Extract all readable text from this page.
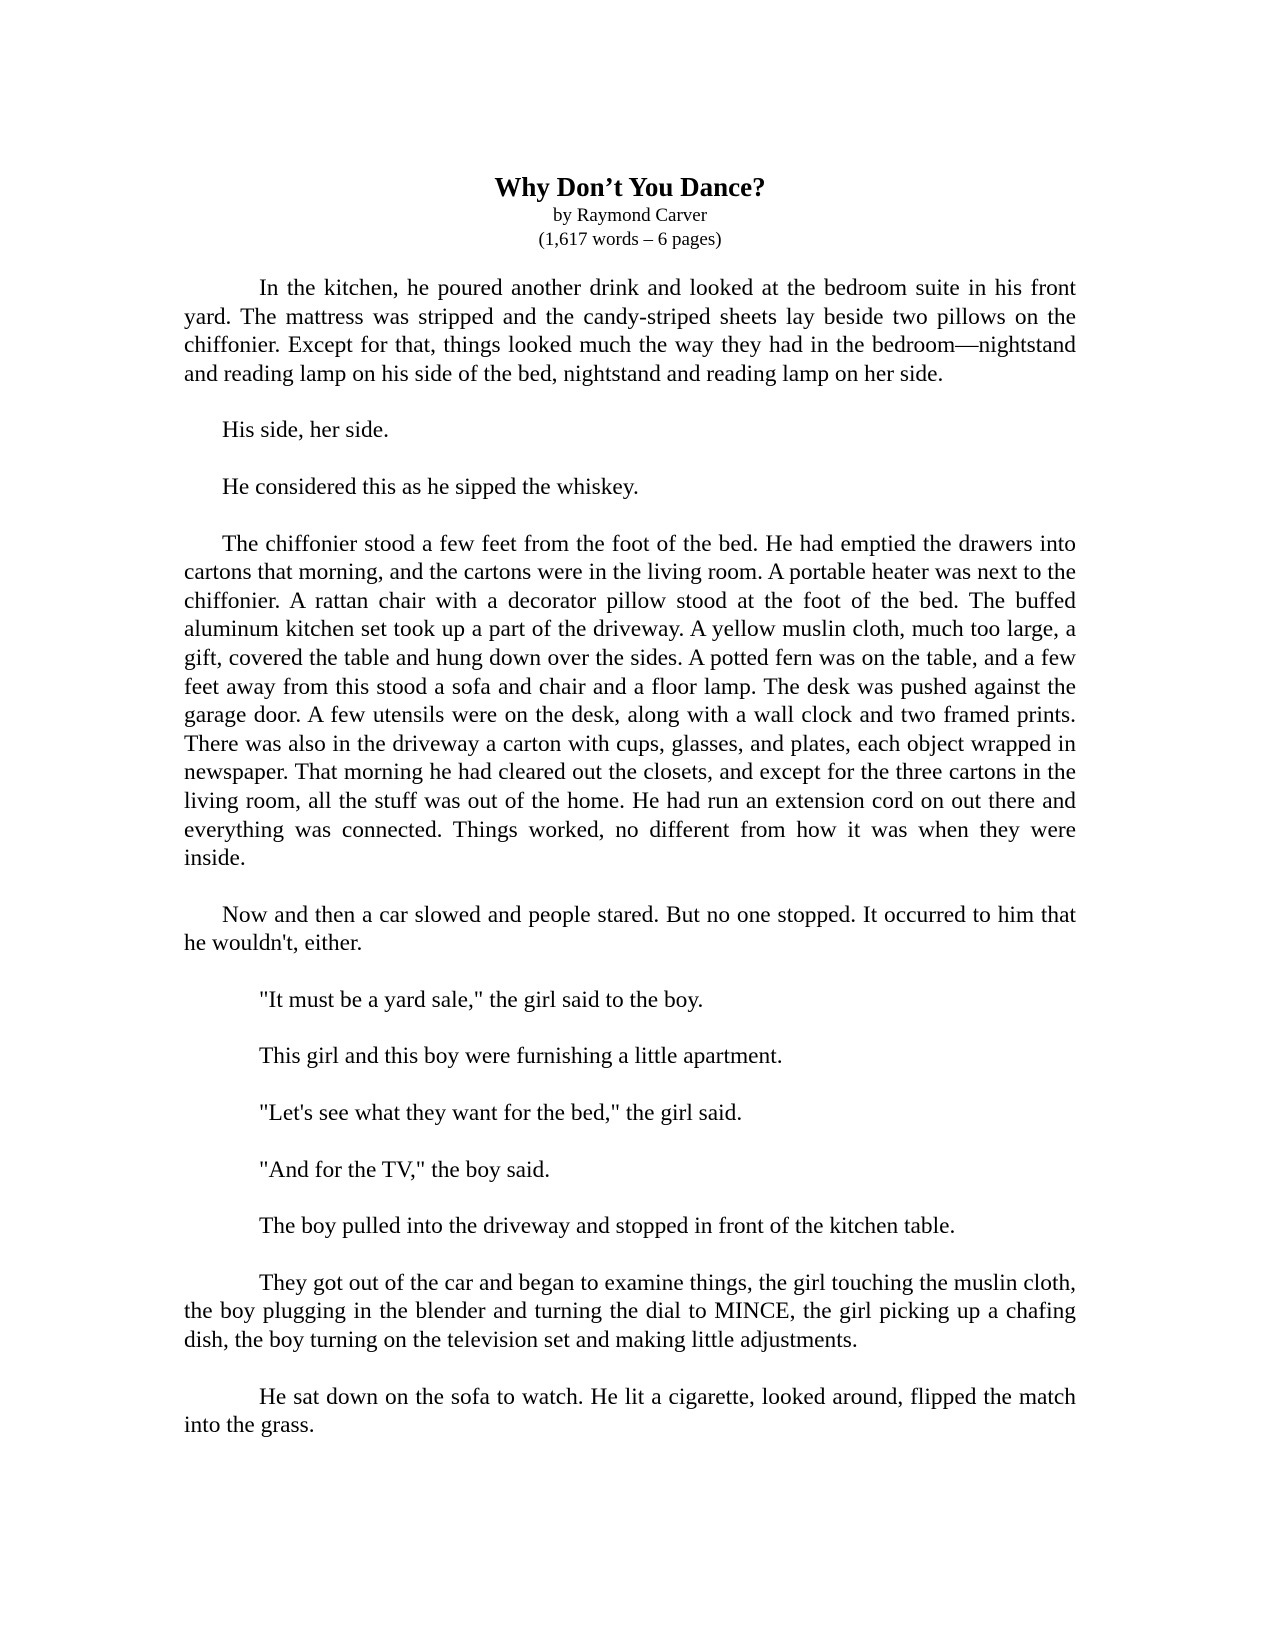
Why Don’t You Dance?

by Raymond Carver

(1,617 words – 6 pages)

In the kitchen, he poured another drink and looked at the bedroom suite in his front yard. The mattress was stripped and the candy-striped sheets lay beside two pillows on the chiffonier. Except for that, things looked much the way they had in the bedroom—nightstand and reading lamp on his side of the bed, nightstand and reading lamp on her side.

His side, her side.

He considered this as he sipped the whiskey.

The chiffonier stood a few feet from the foot of the bed. He had emptied the drawers into cartons that morning, and the cartons were in the living room. A portable heater was next to the chiffonier. A rattan chair with a decorator pillow stood at the foot of the bed. The buffed aluminum kitchen set took up a part of the driveway. A yellow muslin cloth, much too large, a gift, covered the table and hung down over the sides. A potted fern was on the table, and a few feet away from this stood a sofa and chair and a floor lamp. The desk was pushed against the garage door. A few utensils were on the desk, along with a wall clock and two framed prints. There was also in the driveway a carton with cups, glasses, and plates, each object wrapped in newspaper. That morning he had cleared out the closets, and except for the three cartons in the living room, all the stuff was out of the home. He had run an extension cord on out there and everything was connected. Things worked, no different from how it was when they were inside.

Now and then a car slowed and people stared. But no one stopped. It occurred to him that he wouldn't, either.

"It must be a yard sale," the girl said to the boy.

This girl and this boy were furnishing a little apartment.

"Let's see what they want for the bed," the girl said.

"And for the TV," the boy said.

The boy pulled into the driveway and stopped in front of the kitchen table.

They got out of the car and began to examine things, the girl touching the muslin cloth, the boy plugging in the blender and turning the dial to MINCE, the girl picking up a chafing dish, the boy turning on the television set and making little adjustments.

He sat down on the sofa to watch. He lit a cigarette, looked around, flipped the match into the grass.
